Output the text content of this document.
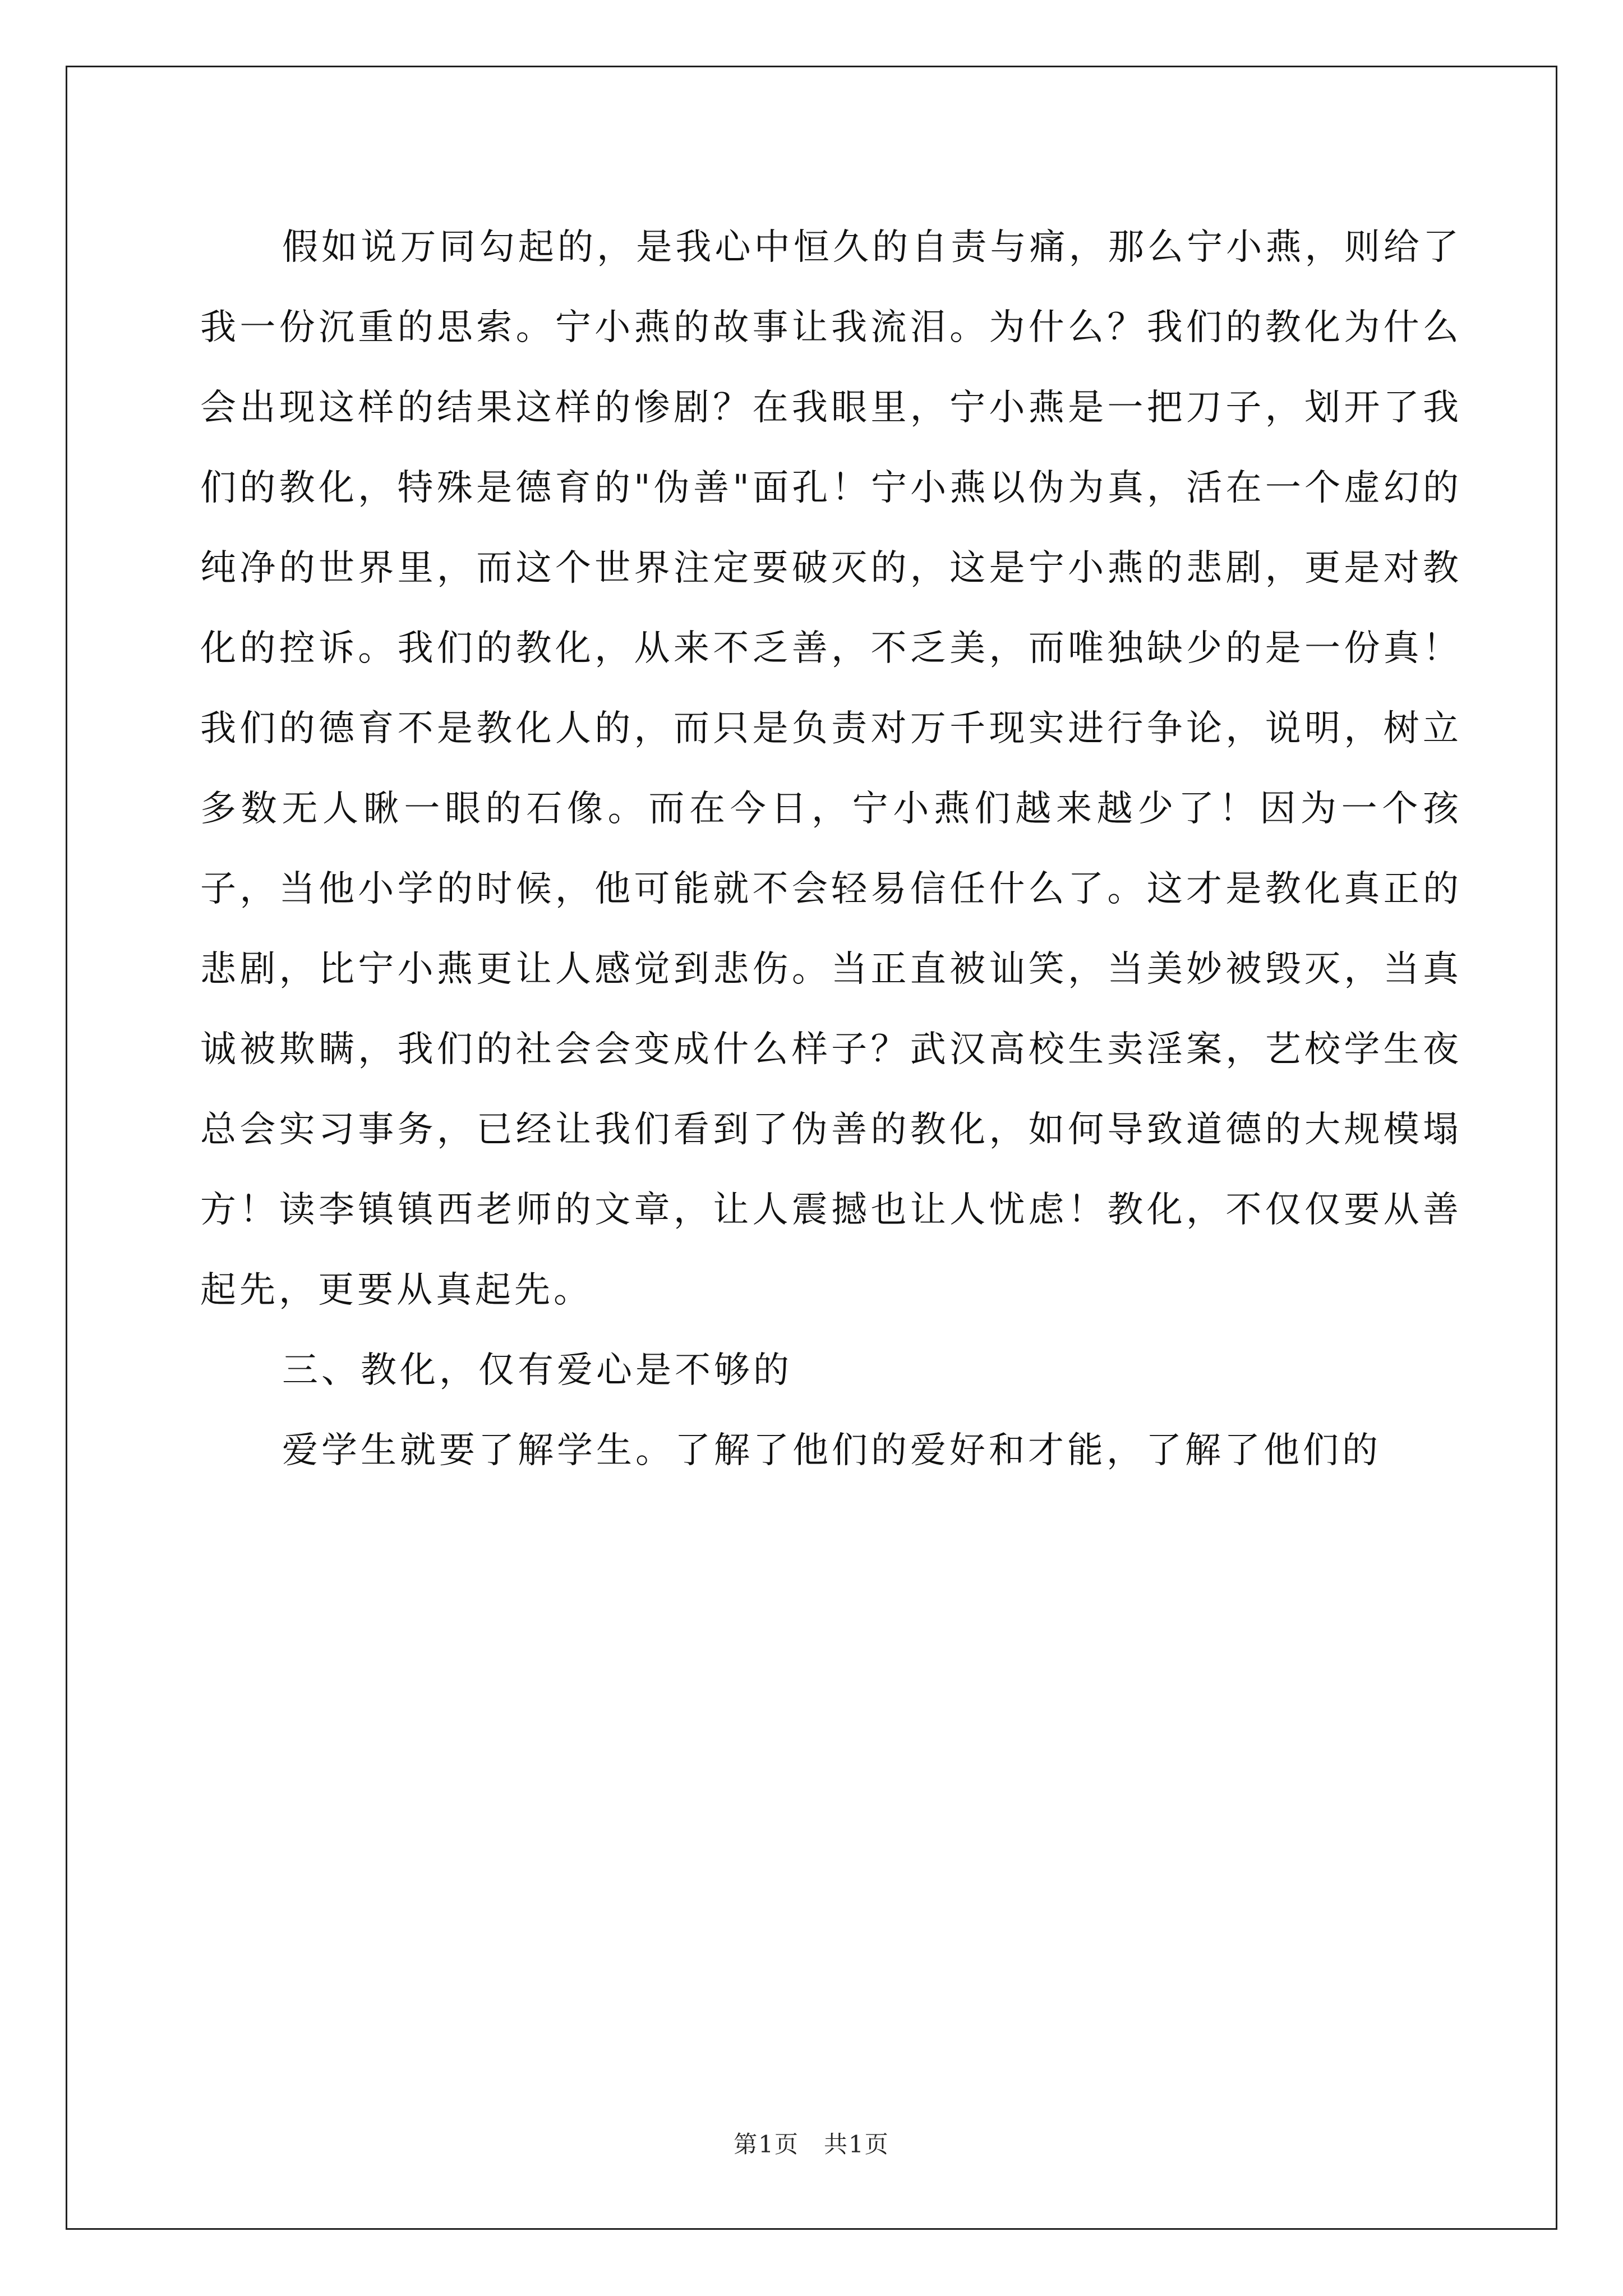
假如说万同勾起的，是我心中恒久的自责与痛，那么宁小燕，则给了我一份沉重的思索。宁小燕的故事让我流泪。为什么？我们的教化为什么会出现这样的结果这样的惨剧？在我眼里，宁小燕是一把刀子，划开了我们的教化，特殊是德育的"伪善"面孔！宁小燕以伪为真，活在一个虚幻的纯净的世界里，而这个世界注定要破灭的，这是宁小燕的悲剧，更是对教化的控诉。我们的教化，从来不乏善，不乏美，而唯独缺少的是一份真！我们的德育不是教化人的，而只是负责对万千现实进行争论，说明，树立多数无人瞅一眼的石像。而在今日，宁小燕们越来越少了！因为一个孩子，当他小学的时候，他可能就不会轻易信任什么了。这才是教化真正的悲剧，比宁小燕更让人感觉到悲伤。当正直被讪笑，当美妙被毁灭，当真诚被欺瞒，我们的社会会变成什么样子？武汉高校生卖淫案，艺校学生夜总会实习事务，已经让我们看到了伪善的教化，如何导致道德的大规模塌方！读李镇镇西老师的文章，让人震撼也让人忧虑！教化，不仅仅要从善起先，更要从真起先。

三、教化，仅有爱心是不够的

爱学生就要了解学生。了解了他们的爱好和才能，了解了他们的

第1页　共1页
